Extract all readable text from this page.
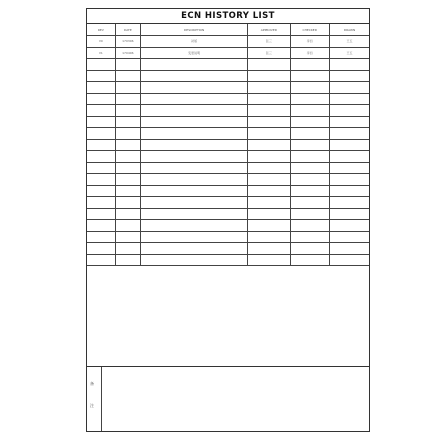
ECN HISTORY LIST
REV	DATE	DESCRIPTION	APPROVED	CHECKED	DRAWN
V0	170306	初版	张三	李四	王五
V1	170406	变更说明	张三	李四	王五

备
注
